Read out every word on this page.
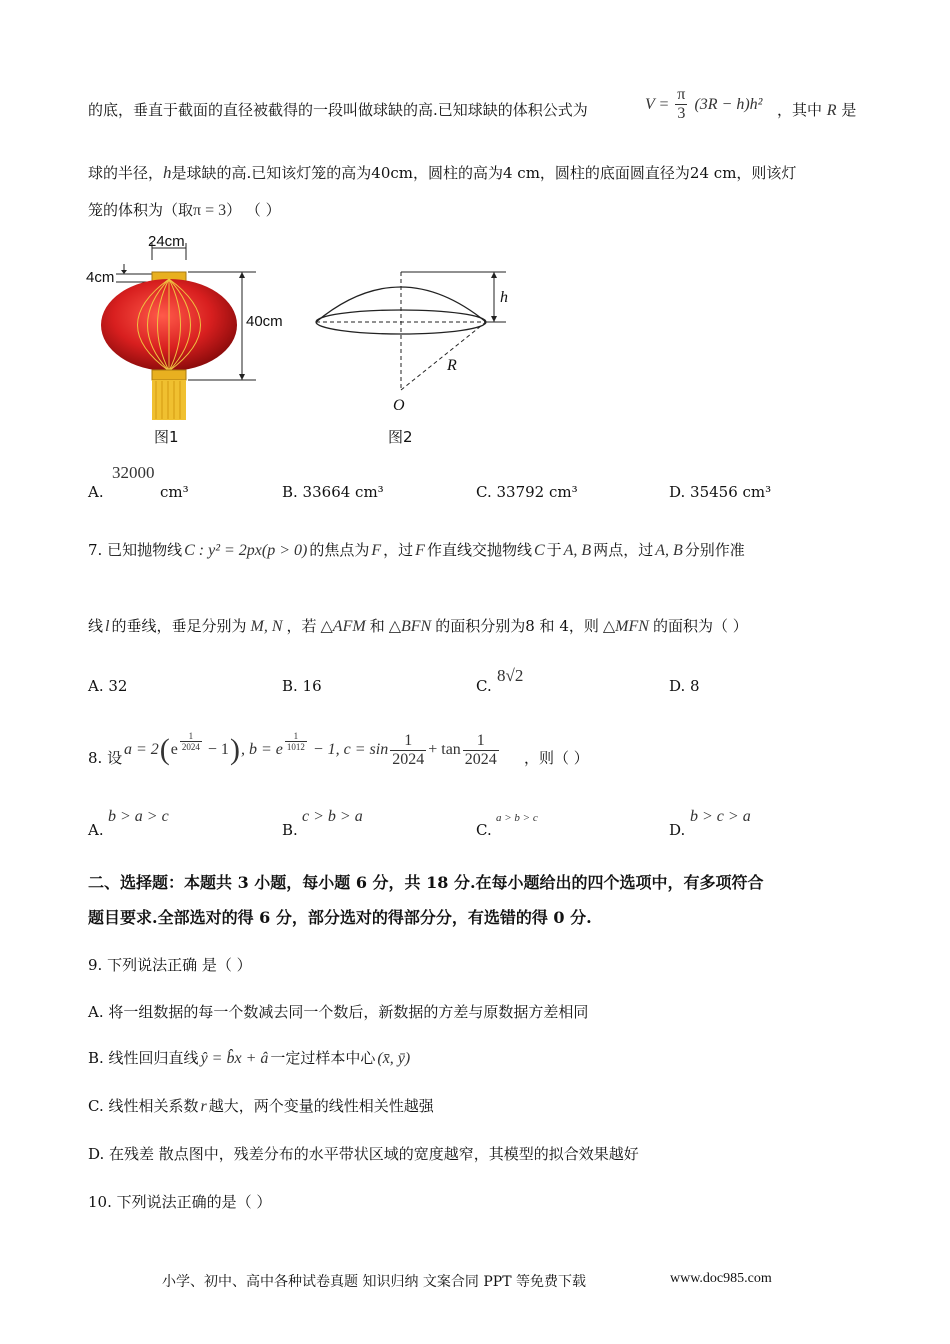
的底，垂直于截面的直径被截得的一段叫做球缺的高.已知球缺的体积公式为	$V = \frac{\pi}{3} (3R - h)h^2$ ，其中 R 是
球的半径，h是球缺的高.已知该灯笼的高为40cm，圆柱的高为4 cm，圆柱的底面圆直径为24 cm，则该灯
笼的体积为（取π = 3） （ ）
24cm
4cm
40cm
图1
h
R
O
图2
A.
32000
cm³	B. 33664 cm³	C. 33792 cm³	D. 35456 cm³
7. 已知抛物线 C : y² = 2px(p > 0) 的焦点为 F ，过 F 作直线交抛物线 C 于 A, B 两点，过 A, B 分别作准
线 l 的垂线，垂足分别为 M, N ，若 △AFM 和 △BFN 的面积分别为8 和 4，则 △MFN 的面积为（ ）
A. 32	B. 16	C.
8√2
D. 8
8. 设 a = 2 ( e $\frac{1}{2024} - 1$ ) , b = e $\frac{1}{1012} - 1$, $c = \sin \frac{1}{2024} + \tan \frac{1}{2024}$ ，则（ ）
A.
b > a > c
B.
c > b > a
C.
a > b > c
D.
b > c > a
二、选择题：本题共 3 小题，每小题 6 分，共 18 分.在每小题给出的四个选项中，有多项符合
题目要求.全部选对的得 6 分，部分选对的得部分分，有选错的得 0 分.
9. 下列说法正确 是（ ）
A. 将一组数据的每一个数减去同一个数后，新数据的方差与原数据方差相同
B. 线性回归直线 ŷ = b̂x + â 一定过样本中心 (x̄, ȳ)
C. 线性相关系数 r 越大，两个变量的线性相关性越强
D. 在残差 散点图中，残差分布的水平带状区域的宽度越窄，其模型的拟合效果越好
10. 下列说法正确的是（ ）
小学、初中、高中各种试卷真题 知识归纳 文案合同 PPT 等免费下载	www.doc985.com
